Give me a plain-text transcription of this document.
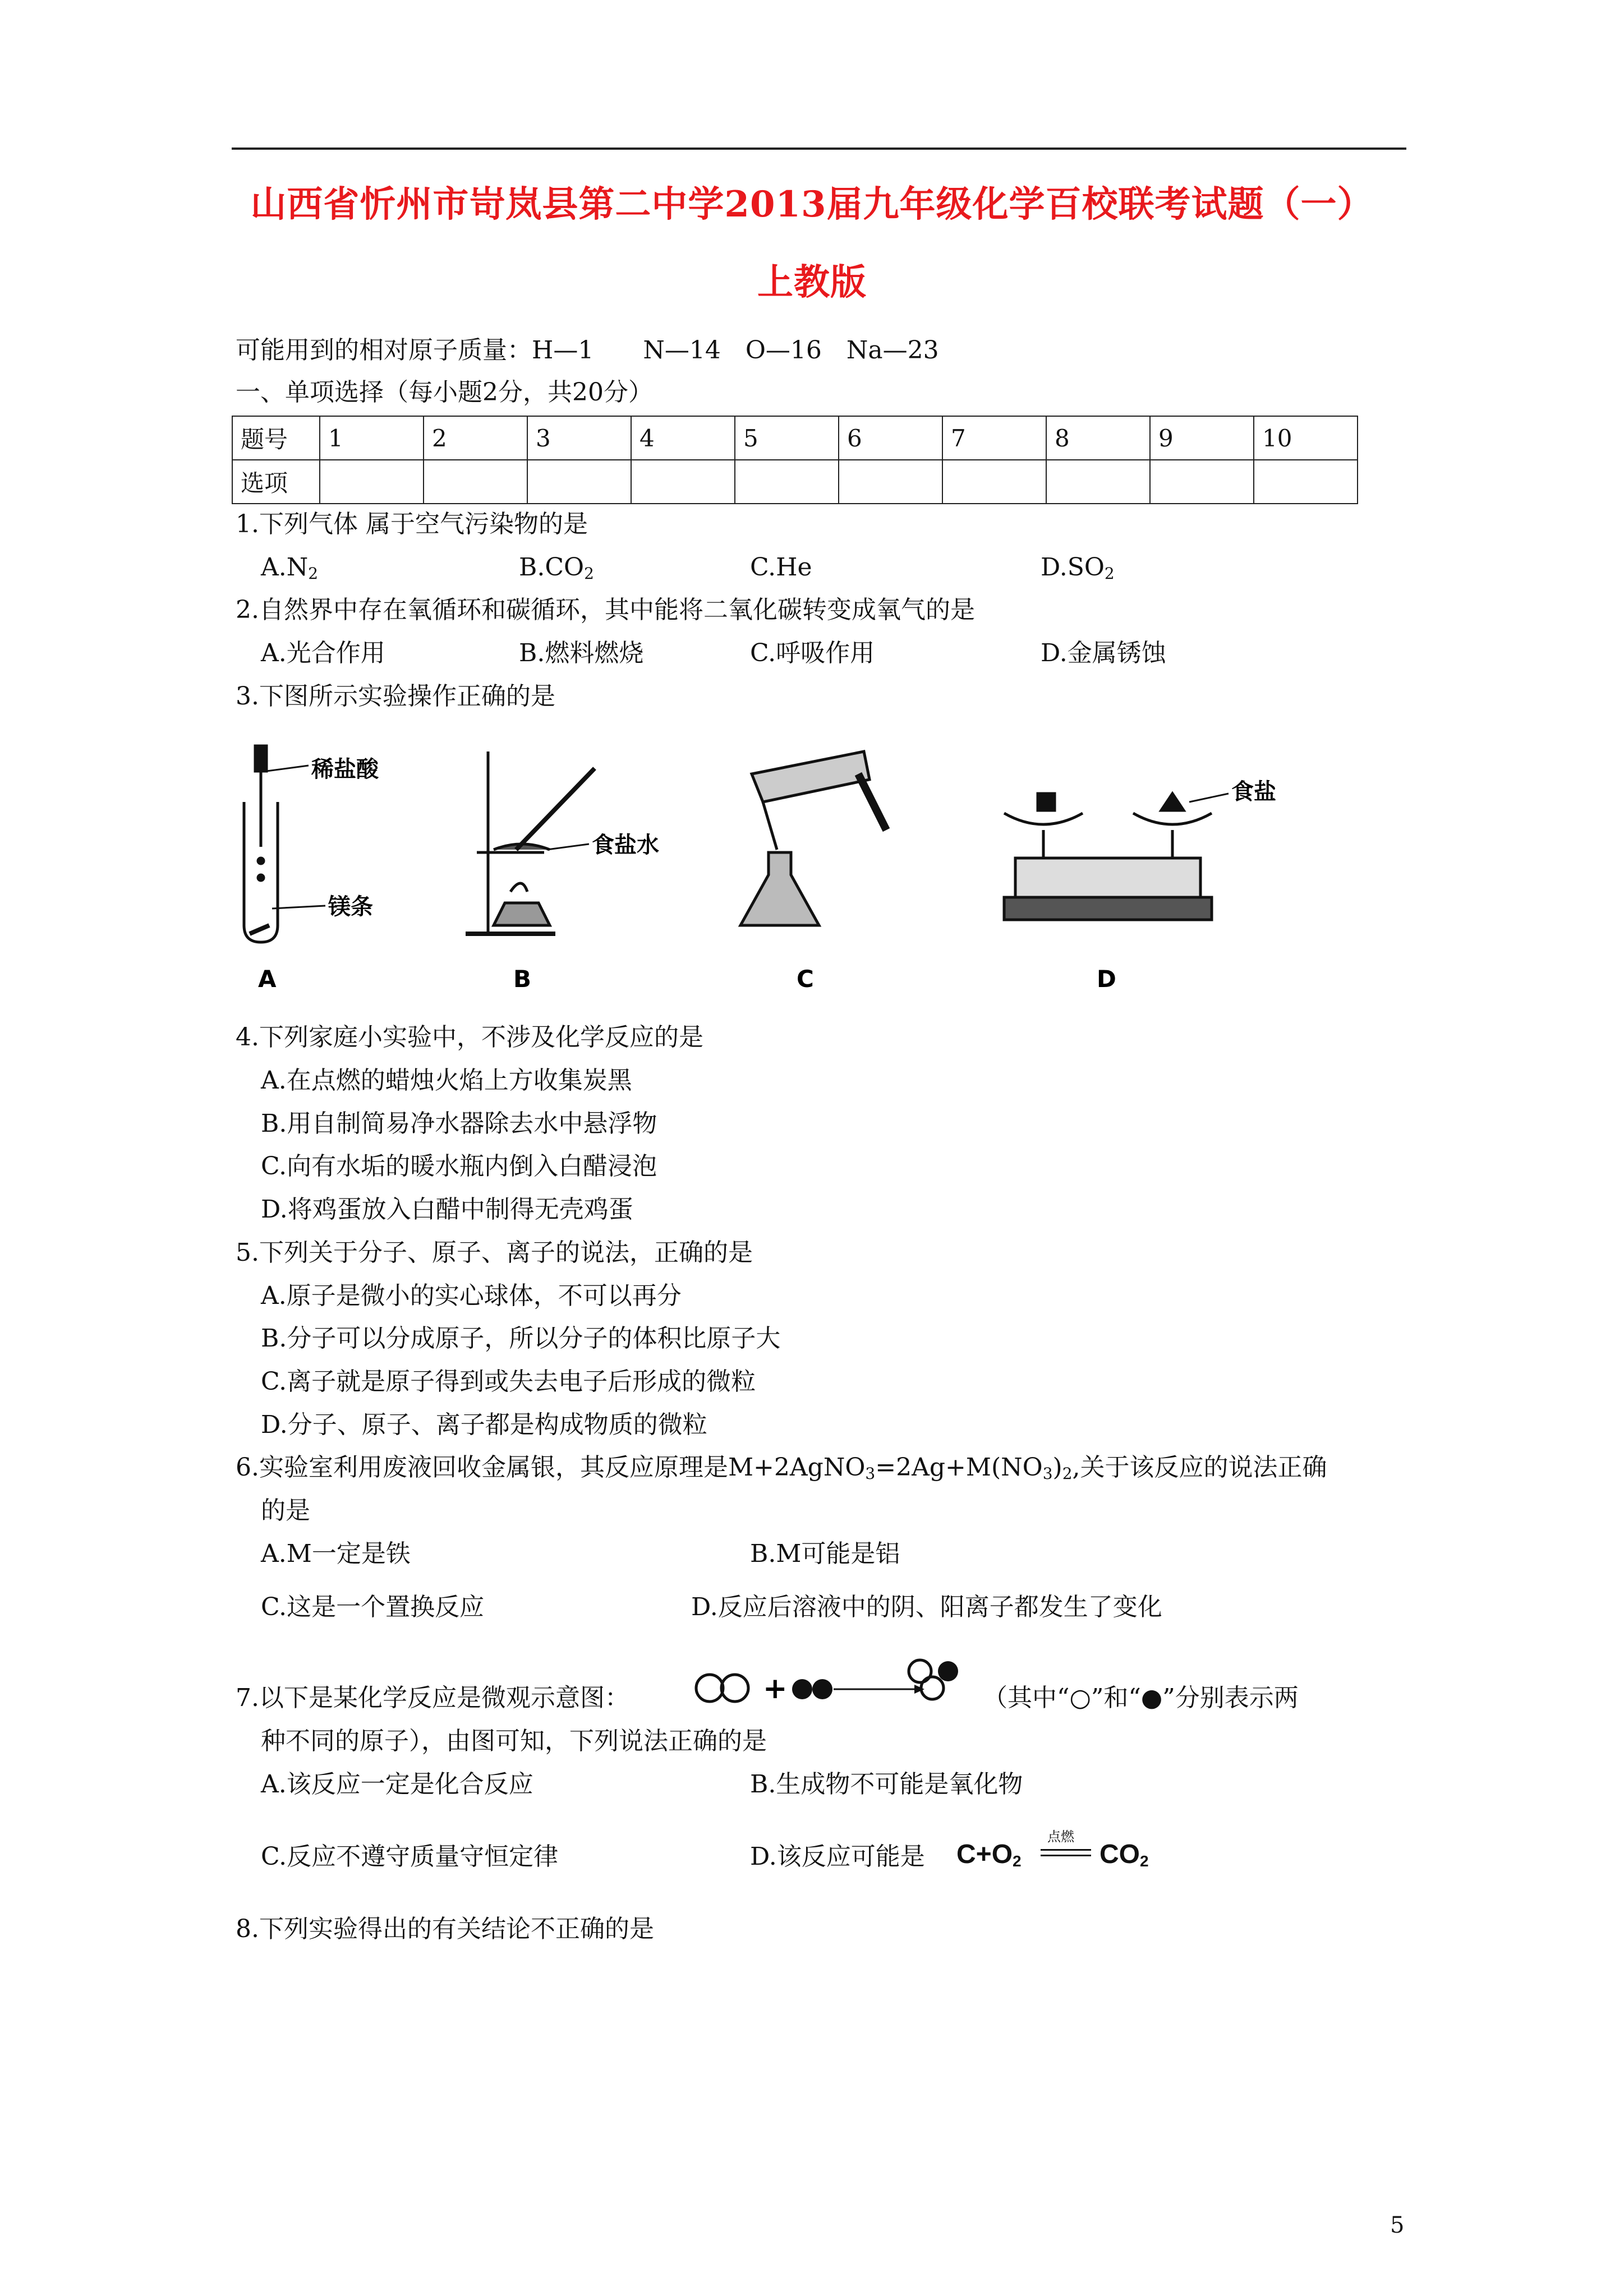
山西省忻州市岢岚县第二中学2013届九年级化学百校联考试题（一）
上教版
可能用到的相对原子质量：H—1　　N—14　O—16　Na—23
一、单项选择（每小题2分，共20分）
题号	1	2	3	4	5	6	7	8	9	10
选项										
1.下列气体 属于空气污染物的是
$A.N_2$	$B.CO_2$	C.He	$D.SO_2$
2.自然界中存在氧循环和碳循环，其中能将二氧化碳转变成氧气的是
A.光合作用	B.燃料燃烧	C.呼吸作用	D.金属锈蚀
3.下图所示实验操作正确的是
稀盐酸
镁条
A
食盐水
B	C
食盐
D
4.下列家庭小实验中，不涉及化学反应的是
A.在点燃的蜡烛火焰上方收集炭黑
B.用自制简易净水器除去水中悬浮物
C.向有水垢的暖水瓶内倒入白醋浸泡
D.将鸡蛋放入白醋中制得无壳鸡蛋
5.下列关于分子、原子、离子的说法，正确的是
A.原子是微小的实心球体，不可以再分
B.分子可以分成原子，所以分子的体积比原子大
C.离子就是原子得到或失去电子后形成的微粒
D.分子、原子、离子都是构成物质的微粒
6.实验室利用废液回收金属银，其反应原理是$M+2AgNO_3=2Ag+M(NO_3)_2$,关于该反应的说法正确
的是
A.M一定是铁	B.M可能是铝
C.这是一个置换反应	D.反应后溶液中的阴、阳离子都发生了变化
7.以下是某化学反应是微观示意图：	+	（其中“○”和“●”分别表示两
种不同的原子），由图可知，下列说法正确的是
A.该反应一定是化合反应	B.生成物不可能是氧化物
C.反应不遵守质量守恒定律	D.该反应可能是 $C+O_2$
点燃
$CO_2$
8.下列实验得出的有关结论不正确的是
5
